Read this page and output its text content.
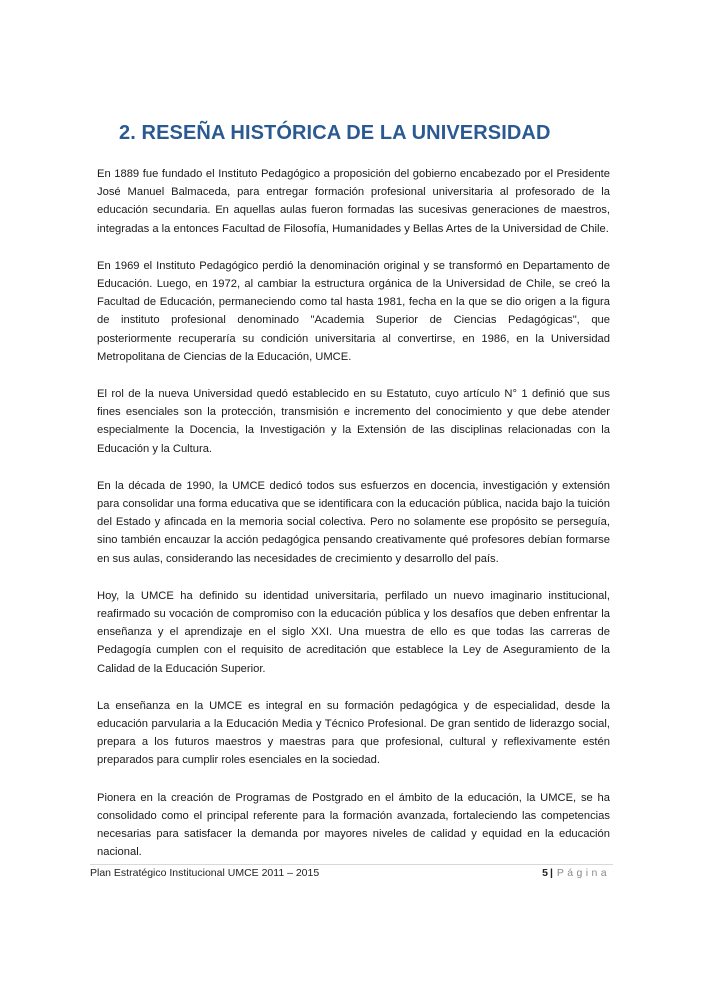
2. RESEÑA HISTÓRICA DE LA UNIVERSIDAD

En 1889 fue fundado el Instituto Pedagógico a proposición del gobierno encabezado por el Presidente José Manuel Balmaceda, para entregar formación profesional universitaria al profesorado de la educación secundaria. En aquellas aulas fueron formadas las sucesivas generaciones de maestros, integradas a la entonces Facultad de Filosofía, Humanidades y Bellas Artes de la Universidad de Chile.

En 1969 el Instituto Pedagógico perdió la denominación original y se transformó en Departamento de Educación. Luego, en 1972, al cambiar la estructura orgánica de la Universidad de Chile, se creó la Facultad de Educación, permaneciendo como tal hasta 1981, fecha en la que se dio origen a la figura de instituto profesional denominado "Academia Superior de Ciencias Pedagógicas", que posteriormente recuperaría su condición universitaria al convertirse, en 1986, en la Universidad Metropolitana de Ciencias de la Educación, UMCE.

El rol de la nueva Universidad quedó establecido en su Estatuto, cuyo artículo N° 1 definió que sus fines esenciales son la protección, transmisión e incremento del conocimiento y que debe atender especialmente la Docencia, la Investigación y la Extensión de las disciplinas relacionadas con la Educación y la Cultura.

En la década de 1990, la UMCE dedicó todos sus esfuerzos en docencia, investigación y extensión para consolidar una forma educativa que se identificara con la educación pública, nacida bajo la tuición del Estado y afincada en la memoria social colectiva. Pero no solamente ese propósito se perseguía, sino también encauzar la acción pedagógica pensando creativamente qué profesores debían formarse en sus aulas, considerando las necesidades de crecimiento y desarrollo del país.

Hoy, la UMCE ha definido su identidad universitaria, perfilado un nuevo imaginario institucional, reafirmado su vocación de compromiso con la educación pública y los desafíos que deben enfrentar la enseñanza y el aprendizaje en el siglo XXI. Una muestra de ello es que todas las carreras de Pedagogía cumplen con el requisito de acreditación que establece la Ley de Aseguramiento de la Calidad de la Educación Superior.

La enseñanza en la UMCE es integral en su formación pedagógica y de especialidad, desde la educación parvularia a la Educación Media y Técnico Profesional. De gran sentido de liderazgo social, prepara a los futuros maestros y maestras para que profesional, cultural y reflexivamente estén preparados para cumplir roles esenciales en la sociedad.

Pionera en la creación de Programas de Postgrado en el ámbito de la educación, la UMCE, se ha consolidado como el principal referente para la formación avanzada, fortaleciendo las competencias necesarias para satisfacer la demanda por mayores niveles de calidad y equidad en la educación nacional.

Plan Estratégico Institucional UMCE 2011 – 2015	5 | Página
